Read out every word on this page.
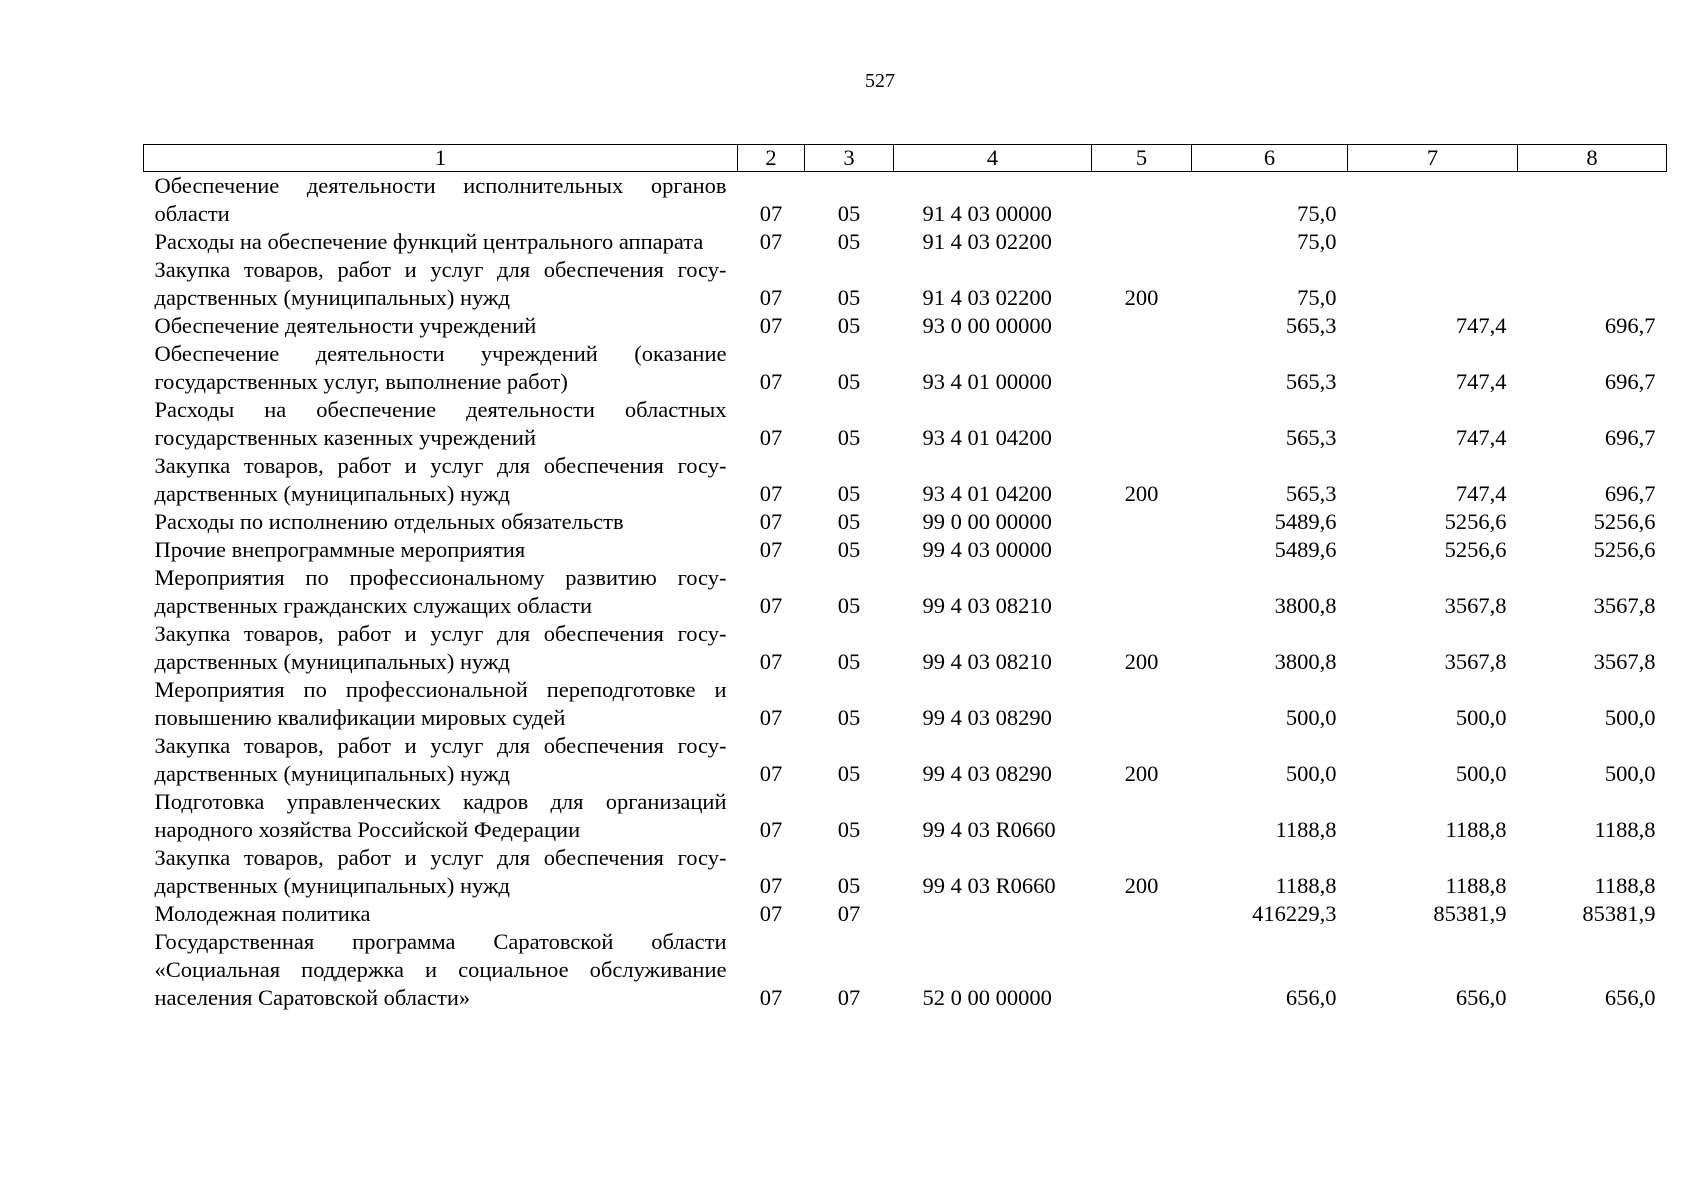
527
1	2	3	4	5	6	7	8
Обеспечение деятельности исполнительных органов области	07	05	91 4 03 00000		75,0		
Расходы на обеспечение функций центрального аппарата	07	05	91 4 03 02200		75,0		
Закупка товаров, работ и услуг для обеспечения государственных (муниципальных) нужд	07	05	91 4 03 02200	200	75,0		
Обеспечение деятельности учреждений	07	05	93 0 00 00000		565,3	747,4	696,7
Обеспечение деятельности учреждений (оказание государственных услуг, выполнение работ)	07	05	93 4 01 00000		565,3	747,4	696,7
Расходы на обеспечение деятельности областных государственных казенных учреждений	07	05	93 4 01 04200		565,3	747,4	696,7
Закупка товаров, работ и услуг для обеспечения государственных (муниципальных) нужд	07	05	93 4 01 04200	200	565,3	747,4	696,7
Расходы по исполнению отдельных обязательств	07	05	99 0 00 00000		5489,6	5256,6	5256,6
Прочие внепрограммные мероприятия	07	05	99 4 03 00000		5489,6	5256,6	5256,6
Мероприятия по профессиональному развитию государственных гражданских служащих области	07	05	99 4 03 08210		3800,8	3567,8	3567,8
Закупка товаров, работ и услуг для обеспечения государственных (муниципальных) нужд	07	05	99 4 03 08210	200	3800,8	3567,8	3567,8
Мероприятия по профессиональной переподготовке и повышению квалификации мировых судей	07	05	99 4 03 08290		500,0	500,0	500,0
Закупка товаров, работ и услуг для обеспечения государственных (муниципальных) нужд	07	05	99 4 03 08290	200	500,0	500,0	500,0
Подготовка управленческих кадров для организаций народного хозяйства Российской Федерации	07	05	99 4 03 R0660		1188,8	1188,8	1188,8
Закупка товаров, работ и услуг для обеспечения государственных (муниципальных) нужд	07	05	99 4 03 R0660	200	1188,8	1188,8	1188,8
Молодежная политика	07	07			416229,3	85381,9	85381,9
Государственная программа Саратовской области «Социальная поддержка и социальное обслуживание населения Саратовской области»	07	07	52 0 00 00000		656,0	656,0	656,0
